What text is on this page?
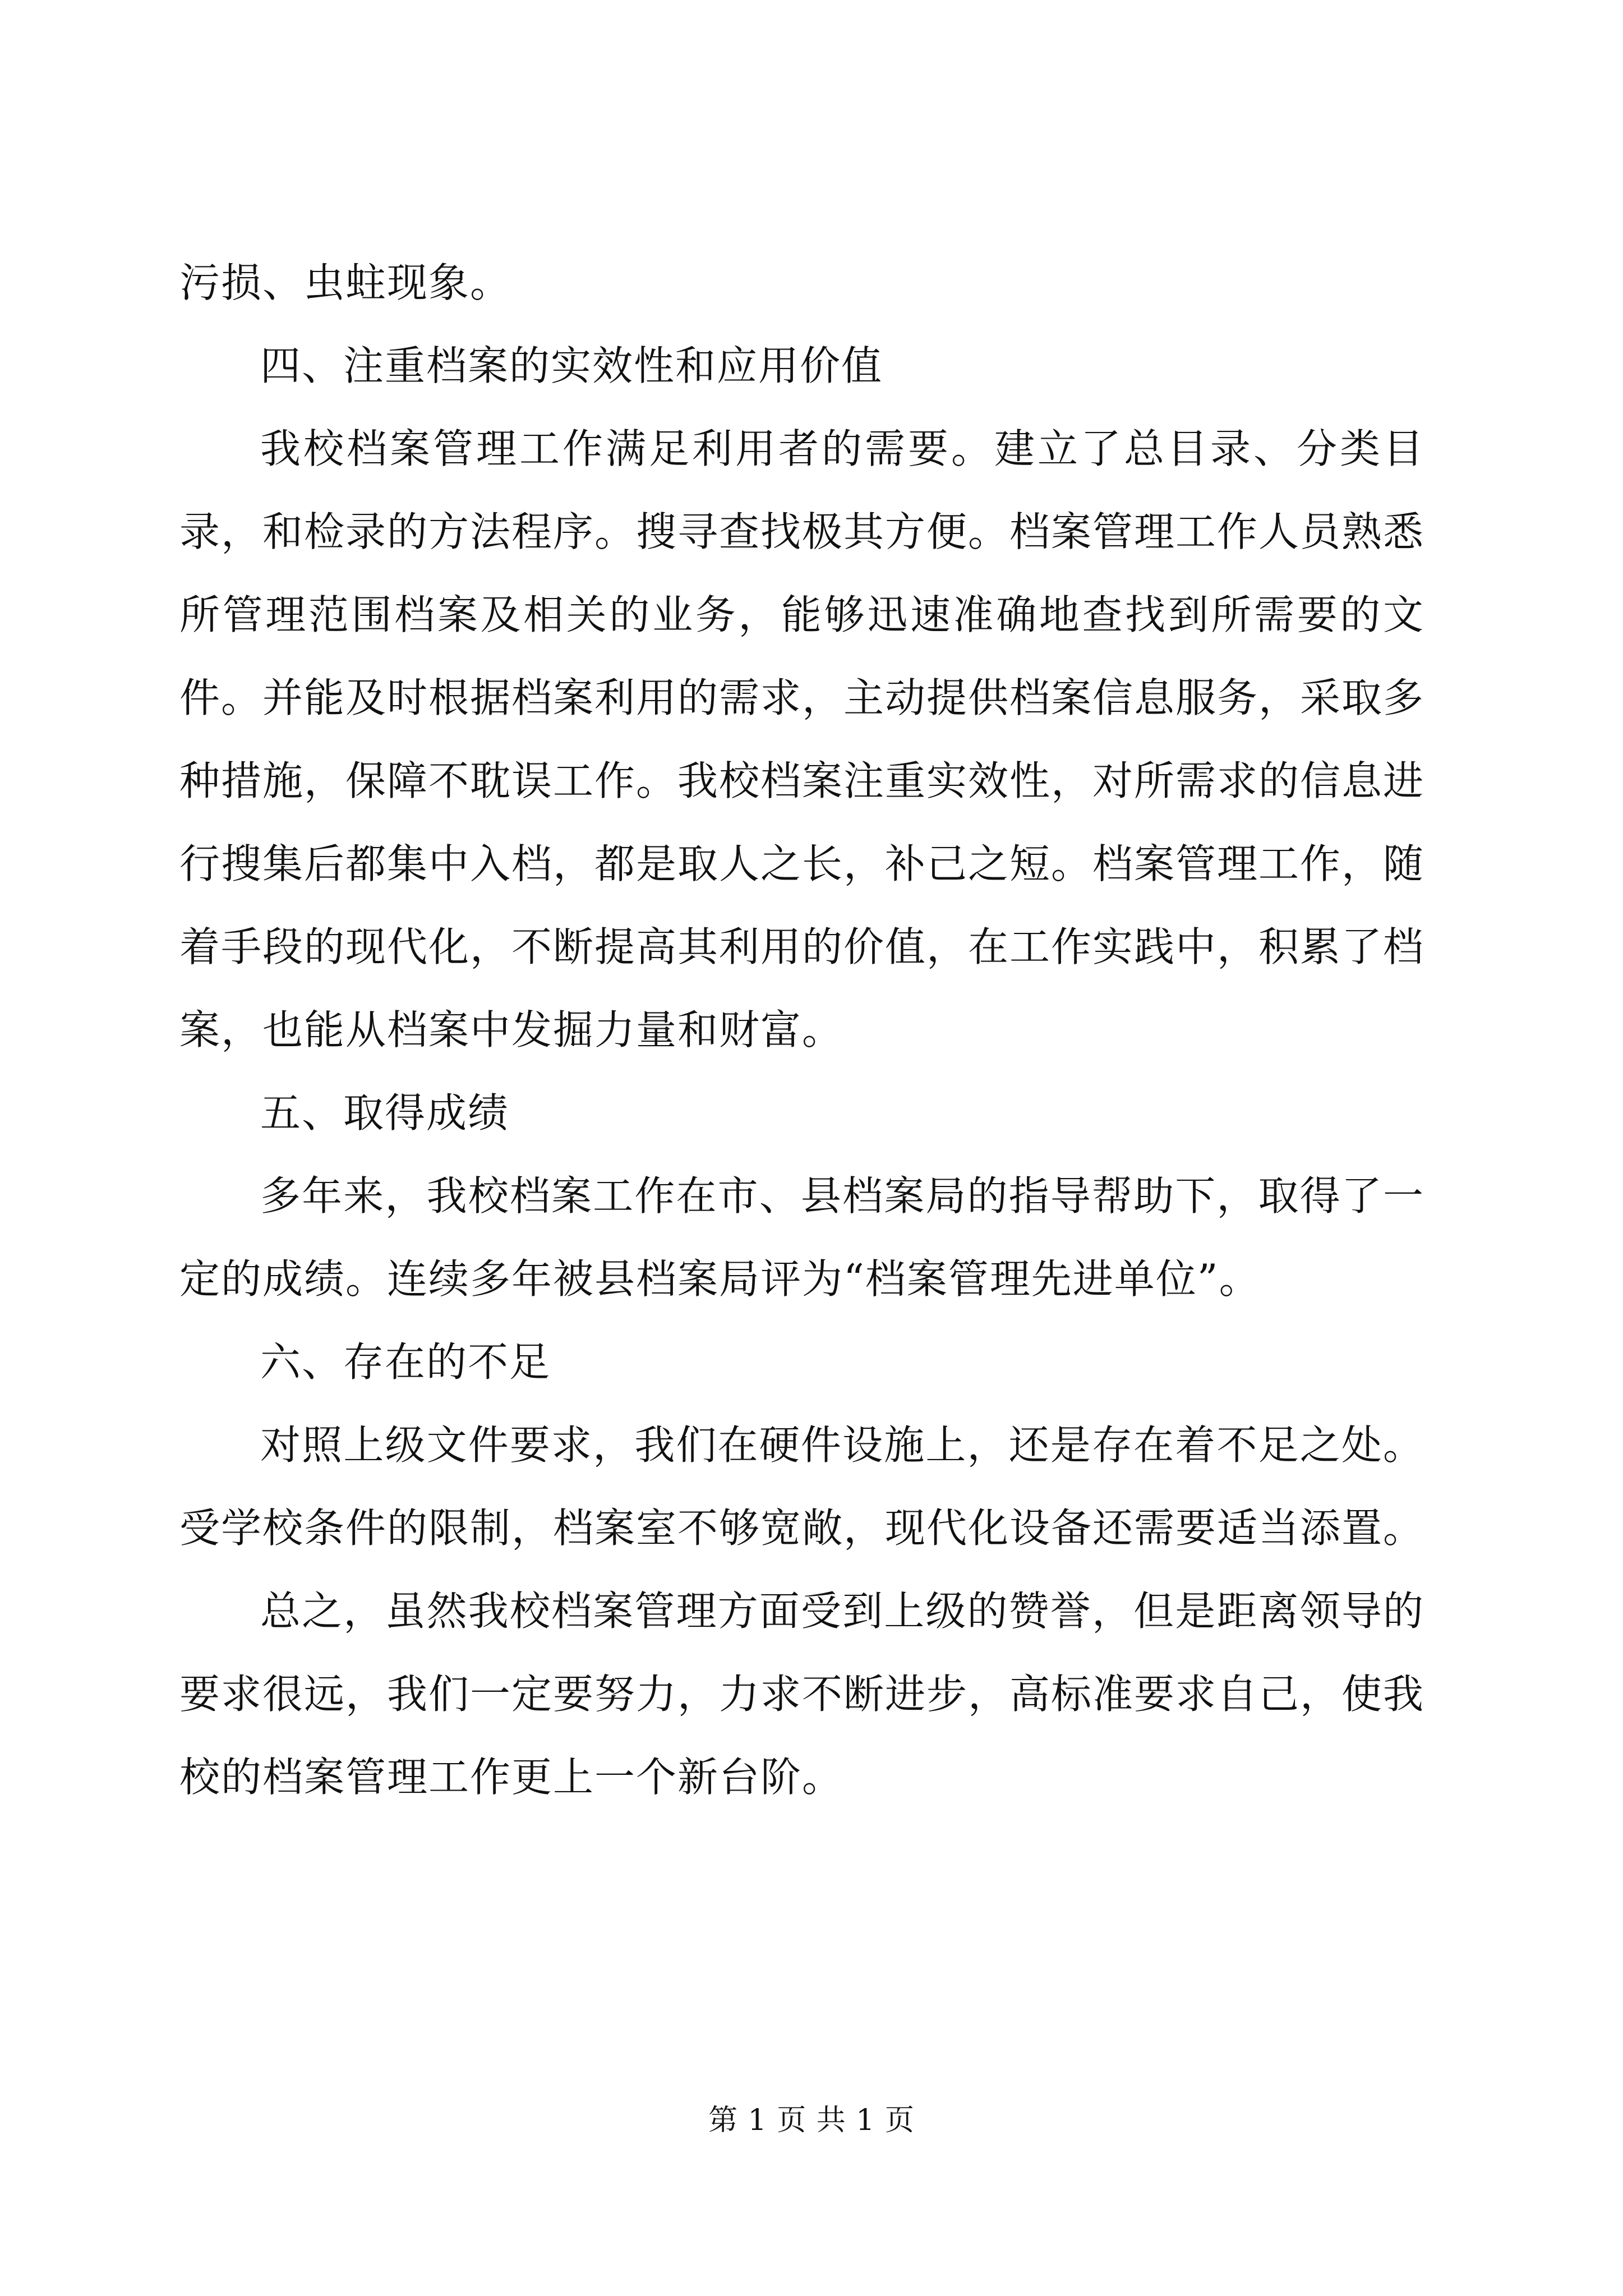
污损、虫蛀现象。

四、注重档案的实效性和应用价值

我校档案管理工作满足利用者的需要。建立了总目录、分类目录，和检录的方法程序。搜寻查找极其方便。档案管理工作人员熟悉所管理范围档案及相关的业务，能够迅速准确地查找到所需要的文件。并能及时根据档案利用的需求，主动提供档案信息服务，采取多种措施，保障不耽误工作。我校档案注重实效性，对所需求的信息进行搜集后都集中入档，都是取人之长，补己之短。档案管理工作，随着手段的现代化，不断提高其利用的价值，在工作实践中，积累了档案，也能从档案中发掘力量和财富。

五、取得成绩

多年来，我校档案工作在市、县档案局的指导帮助下，取得了一定的成绩。连续多年被县档案局评为“档案管理先进单位”。

六、存在的不足

对照上级文件要求，我们在硬件设施上，还是存在着不足之处。受学校条件的限制，档案室不够宽敞，现代化设备还需要适当添置。

总之，虽然我校档案管理方面受到上级的赞誉，但是距离领导的要求很远，我们一定要努力，力求不断进步，高标准要求自己，使我校的档案管理工作更上一个新台阶。

第 1 页 共 1 页
